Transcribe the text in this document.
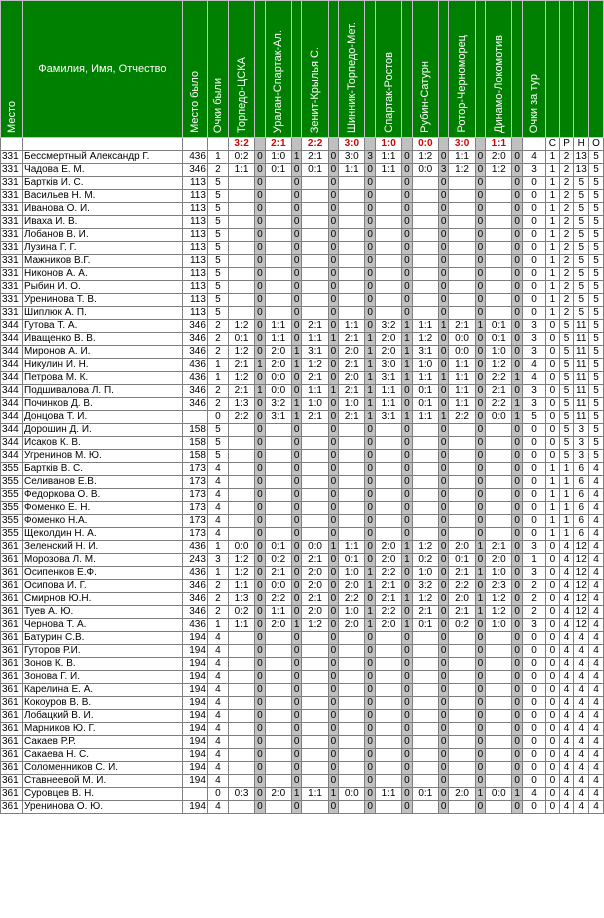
Место	Фамилия, Имя, Отчество	Место было	Очки были	Торпедо-ЦСКА		Уралан-Спартак-Ал.		Зенит-Крылья С.		Шинник-Торпедо-Мет.		Спартак-Ростов		Рубин-Сатурн		Ротор-Черноморец		Динамо-Локомотив		Очки за тур				

				3:2		2:1		2:2		3:0		1:0		0:0		3:0		1:1			С	Р	Н	О
331	Бессмертный Александр Г.	436	1	0:2	0	1:0	1	2:1	0	3:0	3	1:1	0	1:2	0	1:1	0	2:0	0	4	1	2	13	5
331	Чадова Е. М.	346	2	1:1	0	0:1	0	0:1	0	1:1	0	1:1	0	0:0	3	1:2	0	1:2	0	3	1	2	13	5
331	Бартків И. С.	113	5		0		0		0		0		0		0		0		0	0	1	2	5	5
331	Васильев Н. М.	113	5		0		0		0		0		0		0		0		0	0	1	2	5	5
331	Иванова О. И.	113	5		0		0		0		0		0		0		0		0	0	1	2	5	5
331	Иваха И. В.	113	5		0		0		0		0		0		0		0		0	0	1	2	5	5
331	Лобанов В. И.	113	5		0		0		0		0		0		0		0		0	0	1	2	5	5
331	Лузина Г. Г.	113	5		0		0		0		0		0		0		0		0	0	1	2	5	5
331	Мажников В.Г.	113	5		0		0		0		0		0		0		0		0	0	1	2	5	5
331	Никонов А. А.	113	5		0		0		0		0		0		0		0		0	0	1	2	5	5
331	Рыбин И. О.	113	5		0		0		0		0		0		0		0		0	0	1	2	5	5
331	Уренинова Т. В.	113	5		0		0		0		0		0		0		0		0	0	1	2	5	5
331	Шиплюк А. П.	113	5		0		0		0		0		0		0		0		0	0	1	2	5	5
344	Гутова Т. А.	346	2	1:2	0	1:1	0	2:1	0	1:1	0	3:2	1	1:1	1	2:1	1	0:1	0	3	0	5	11	5
344	Иващенко В. В.	346	2	0:1	0	1:1	0	1:1	1	2:1	1	2:0	1	1:2	0	0:0	0	0:1	0	3	0	5	11	5
344	Миронов А. И.	346	2	1:2	0	2:0	1	3:1	0	2:0	1	2:0	1	3:1	0	0:0	0	1:0	0	3	0	5	11	5
344	Никулин И. Н.	436	1	2:1	1	2:0	1	1:2	0	2:1	1	3:0	1	1:0	0	1:1	0	1:2	0	4	0	5	11	5
344	Петрова М. К.	436	1	1:2	0	0:0	0	2:1	0	2:0	1	3:1	1	1:1	1	1:1	0	2:2	1	4	0	5	11	5
344	Подшивалова Л. П.	346	2	2:1	1	0:0	0	1:1	1	2:1	1	1:1	0	0:1	0	1:1	0	2:1	0	3	0	5	11	5
344	Починков Д. В.	346	2	1:3	0	3:2	1	1:0	0	1:0	1	1:1	0	0:1	0	1:1	0	2:2	1	3	0	5	11	5
344	Донцова Т. И.		0	2:2	0	3:1	1	2:1	0	2:1	1	3:1	1	1:1	1	2:2	0	0:0	1	5	0	5	11	5
344	Дорошин Д. И.	158	5		0		0		0		0		0		0		0		0	0	0	5	3	5
344	Исаков К. В.	158	5		0		0		0		0		0		0		0		0	0	0	5	3	5
344	Угренинов М. Ю.	158	5		0		0		0		0		0		0		0		0	0	0	5	3	5
355	Бартків В. С.	173	4		0		0		0		0		0		0		0		0	0	1	1	6	4
355	Селиванов Е.В.	173	4		0		0		0		0		0		0		0		0	0	1	1	6	4
355	Федоркова О. В.	173	4		0		0		0		0		0		0		0		0	0	1	1	6	4
355	Фоменко Е. Н.	173	4		0		0		0		0		0		0		0		0	0	1	1	6	4
355	Фоменко Н.А.	173	4		0		0		0		0		0		0		0		0	0	1	1	6	4
355	Щеколдин Н. А.	173	4		0		0		0		0		0		0		0		0	0	1	1	6	4
361	Зеленский Н. И.	436	1	0:0	0	0:1	0	0:0	1	1:1	0	2:0	1	1:2	0	2:0	1	2:1	0	3	0	4	12	4
361	Морозова Л. М.	243	3	1:2	0	0:2	0	2:1	0	0:1	0	2:0	1	0:2	0	0:1	0	2:0	0	1	0	4	12	4
361	Осипенков Е.Ф.	436	1	1:2	0	2:1	0	2:0	0	1:0	1	2:2	0	1:0	0	2:1	1	1:0	0	3	0	4	12	4
361	Осипова И. Г.	346	2	1:1	0	0:0	0	2:0	0	2:0	1	2:1	0	3:2	0	2:2	0	2:3	0	2	0	4	12	4
361	Смирнов Ю.Н.	346	2	1:3	0	2:2	0	2:1	0	2:2	0	2:1	1	1:2	0	2:0	1	1:2	0	2	0	4	12	4
361	Туев А. Ю.	346	2	0:2	0	1:1	0	2:0	0	1:0	1	2:2	0	2:1	0	2:1	1	1:2	0	2	0	4	12	4
361	Чернова Т. А.	436	1	1:1	0	2:0	1	1:2	0	2:0	1	2:0	1	0:1	0	0:2	0	1:0	0	3	0	4	12	4
361	Батурин С.В.	194	4		0		0		0		0		0		0		0		0	0	0	4	4	4
361	Гуторов Р.И.	194	4		0		0		0		0		0		0		0		0	0	0	4	4	4
361	Зонов К. В.	194	4		0		0		0		0		0		0		0		0	0	0	4	4	4
361	Зонова Г. И.	194	4		0		0		0		0		0		0		0		0	0	0	4	4	4
361	Карелина Е. А.	194	4		0		0		0		0		0		0		0		0	0	0	4	4	4
361	Кокоуров В. В.	194	4		0		0		0		0		0		0		0		0	0	0	4	4	4
361	Лобацкий В. И.	194	4		0		0		0		0		0		0		0		0	0	0	4	4	4
361	Марников Ю. Г.	194	4		0		0		0		0		0		0		0		0	0	0	4	4	4
361	Сакаев Р.Р.	194	4		0		0		0		0		0		0		0		0	0	0	4	4	4
361	Сакаева Н. С.	194	4		0		0		0		0		0		0		0		0	0	0	4	4	4
361	Соломенников С. И.	194	4		0		0		0		0		0		0		0		0	0	0	4	4	4
361	Ставнеевой М. И.	194	4		0		0		0		0		0		0		0		0	0	0	4	4	4
361	Суровцев В. Н.		0	0:3	0	2:0	1	1:1	1	0:0	0	1:1	0	0:1	0	2:0	1	0:0	1	4	0	4	4	4
361	Уренинова О. Ю.	194	4		0		0		0		0		0		0		0		0	0	0	4	4	4
